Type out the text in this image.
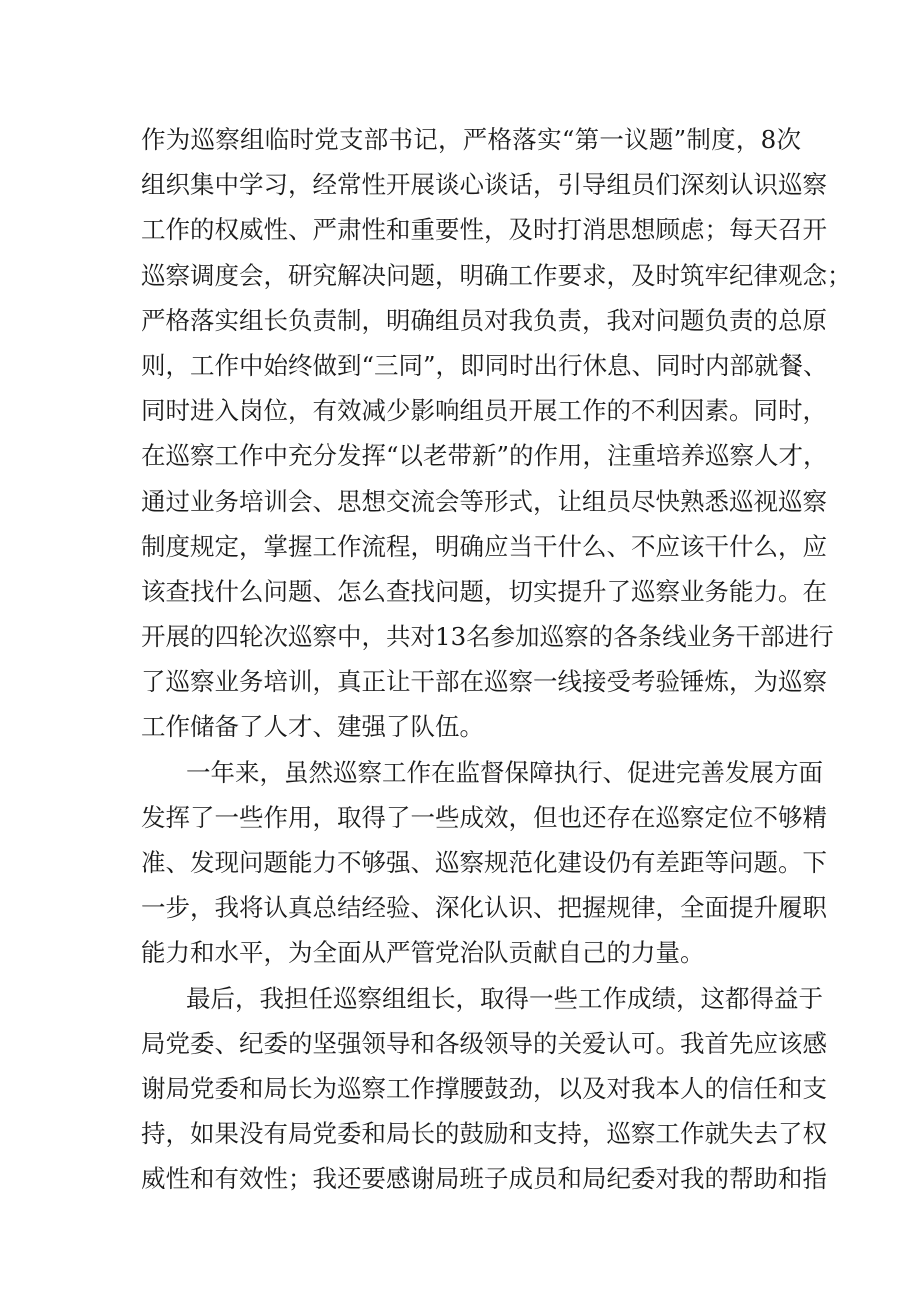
作为巡察组临时党支部书记，严格落实“第一议题”制度，8次
组织集中学习，经常性开展谈心谈话，引导组员们深刻认识巡察
工作的权威性、严肃性和重要性，及时打消思想顾虑；每天召开
巡察调度会，研究解决问题，明确工作要求，及时筑牢纪律观念；
严格落实组长负责制，明确组员对我负责，我对问题负责的总原
则，工作中始终做到“三同”，即同时出行休息、同时内部就餐、
同时进入岗位，有效减少影响组员开展工作的不利因素。同时，
在巡察工作中充分发挥“以老带新”的作用，注重培养巡察人才，
通过业务培训会、思想交流会等形式，让组员尽快熟悉巡视巡察
制度规定，掌握工作流程，明确应当干什么、不应该干什么，应
该查找什么问题、怎么查找问题，切实提升了巡察业务能力。在
开展的四轮次巡察中，共对13名参加巡察的各条线业务干部进行
了巡察业务培训，真正让干部在巡察一线接受考验锤炼，为巡察
工作储备了人才、建强了队伍。
一年来，虽然巡察工作在监督保障执行、促进完善发展方面
发挥了一些作用，取得了一些成效，但也还存在巡察定位不够精
准、发现问题能力不够强、巡察规范化建设仍有差距等问题。下
一步，我将认真总结经验、深化认识、把握规律，全面提升履职
能力和水平，为全面从严管党治队贡献自己的力量。
最后，我担任巡察组组长，取得一些工作成绩，这都得益于
局党委、纪委的坚强领导和各级领导的关爱认可。我首先应该感
谢局党委和局长为巡察工作撑腰鼓劲，以及对我本人的信任和支
持，如果没有局党委和局长的鼓励和支持，巡察工作就失去了权
威性和有效性；我还要感谢局班子成员和局纪委对我的帮助和指
